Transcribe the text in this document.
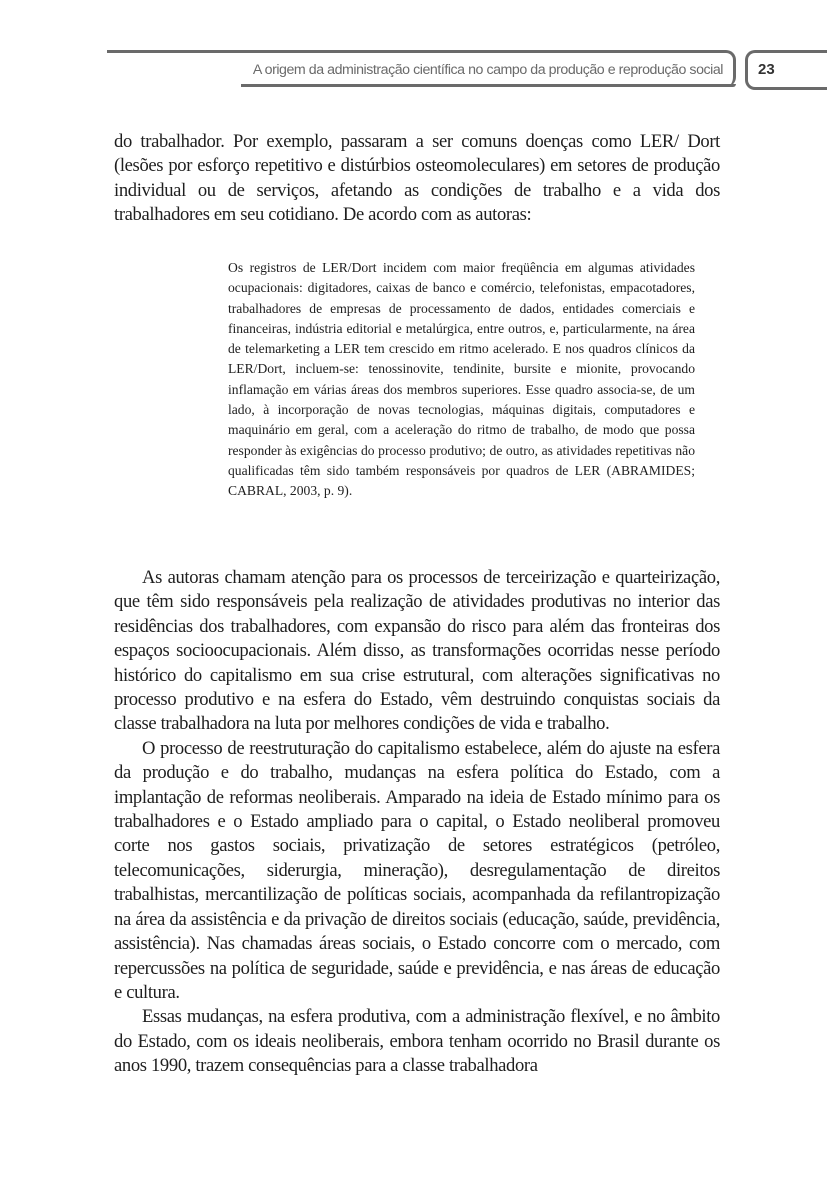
A origem da administração científica no campo da produção e reprodução social 23

do trabalhador. Por exemplo, passaram a ser comuns doenças como LER/ Dort (lesões por esforço repetitivo e distúrbios osteomoleculares) em setores de produção individual ou de serviços, afetando as condições de trabalho e a vida dos trabalhadores em seu cotidiano. De acordo com as autoras:

Os registros de LER/Dort incidem com maior freqüência em algumas atividades ocupacionais: digitadores, caixas de banco e comércio, telefonistas, empacotadores, trabalhadores de empresas de processamento de dados, entidades comerciais e financeiras, indústria editorial e metalúrgica, entre outros, e, particularmente, na área de telemarketing a LER tem crescido em ritmo acelerado. E nos quadros clínicos da LER/Dort, incluem-se: tenossinovite, tendinite, bursite e mionite, provocando inflamação em várias áreas dos membros superiores. Esse quadro associa-se, de um lado, à incorporação de novas tecnologias, máquinas digitais, computadores e maquinário em geral, com a aceleração do ritmo de trabalho, de modo que possa responder às exigências do processo produtivo; de outro, as atividades repetitivas não qualificadas têm sido também responsáveis por quadros de LER (ABRAMIDES; CABRAL, 2003, p. 9).

As autoras chamam atenção para os processos de terceirização e quarteirização, que têm sido responsáveis pela realização de atividades produtivas no interior das residências dos trabalhadores, com expansão do risco para além das fronteiras dos espaços socioocupacionais. Além disso, as transformações ocorridas nesse período histórico do capitalismo em sua crise estrutural, com alterações significativas no processo produtivo e na esfera do Estado, vêm destruindo conquistas sociais da classe trabalhadora na luta por melhores condições de vida e trabalho.

O processo de reestruturação do capitalismo estabelece, além do ajuste na esfera da produção e do trabalho, mudanças na esfera política do Estado, com a implantação de reformas neoliberais. Amparado na ideia de Estado mínimo para os trabalhadores e o Estado ampliado para o capital, o Estado neoliberal promoveu corte nos gastos sociais, privatização de setores estratégicos (petróleo, telecomunicações, siderurgia, mineração), desregulamentação de direitos trabalhistas, mercantilização de políticas sociais, acompanhada da refilantropização na área da assistência e da privação de direitos sociais (educação, saúde, previdência, assistência). Nas chamadas áreas sociais, o Estado concorre com o mercado, com repercussões na política de seguridade, saúde e previdência, e nas áreas de educação e cultura.

Essas mudanças, na esfera produtiva, com a administração flexível, e no âmbito do Estado, com os ideais neoliberais, embora tenham ocorrido no Brasil durante os anos 1990, trazem consequências para a classe trabalhadora
